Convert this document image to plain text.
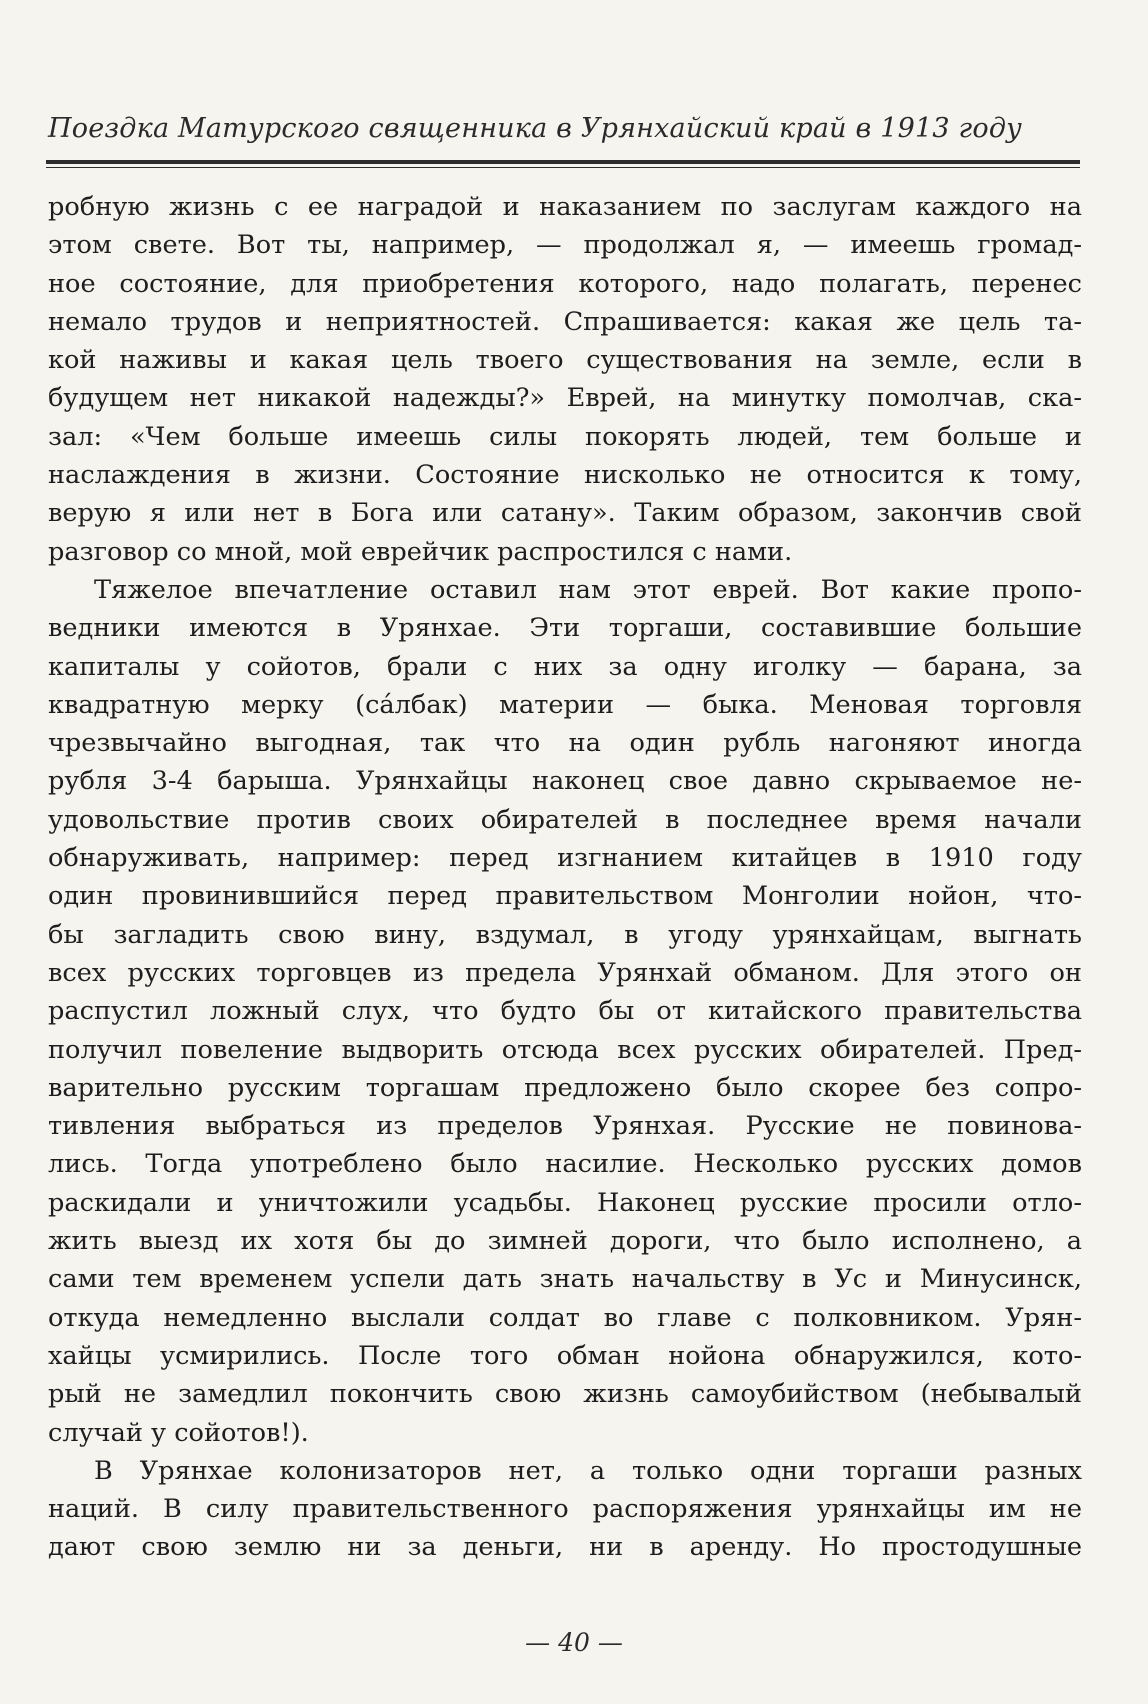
Поездка Матурского священника в Урянхайский край в 1913 году

робную жизнь с ее наградой и наказанием по заслугам каждого на
этом свете. Вот ты, например, — продолжал я, — имеешь громад-
ное состояние, для приобретения которого, надо полагать, перенес
немало трудов и неприятностей. Спрашивается: какая же цель та-
кой наживы и какая цель твоего существования на земле, если в
будущем нет никакой надежды?» Еврей, на минутку помолчав, ска-
зал: «Чем больше имеешь силы покорять людей, тем больше и
наслаждения в жизни. Состояние нисколько не относится к тому,
верую я или нет в Бога или сатану». Таким образом, закончив свой
разговор со мной, мой еврейчик распростился с нами.

Тяжелое впечатление оставил нам этот еврей. Вот какие пропо-
ведники имеются в Урянхае. Эти торгаши, составившие большие
капиталы у сойотов, брали с них за одну иголку — барана, за
квадратную мерку (са́лбак) материи — быка. Меновая торговля
чрезвычайно выгодная, так что на один рубль нагоняют иногда
рубля 3-4 барыша. Урянхайцы наконец свое давно скрываемое не-
удовольствие против своих обирателей в последнее время начали
обнаруживать, например: перед изгнанием китайцев в 1910 году
один провинившийся перед правительством Монголии нойон, что-
бы загладить свою вину, вздумал, в угоду урянхайцам, выгнать
всех русских торговцев из предела Урянхай обманом. Для этого он
распустил ложный слух, что будто бы от китайского правительства
получил повеление выдворить отсюда всех русских обирателей. Пред-
варительно русским торгашам предложено было скорее без сопро-
тивления выбраться из пределов Урянхая. Русские не повинова-
лись. Тогда употреблено было насилие. Несколько русских домов
раскидали и уничтожили усадьбы. Наконец русские просили отло-
жить выезд их хотя бы до зимней дороги, что было исполнено, а
сами тем временем успели дать знать начальству в Ус и Минусинск,
откуда немедленно выслали солдат во главе с полковником. Урян-
хайцы усмирились. После того обман нойона обнаружился, кото-
рый не замедлил покончить свою жизнь самоубийством (небывалый
случай у сойотов!).

В Урянхае колонизаторов нет, а только одни торгаши разных
наций. В силу правительственного распоряжения урянхайцы им не
дают свою землю ни за деньги, ни в аренду. Но простодушные

— 40 —
